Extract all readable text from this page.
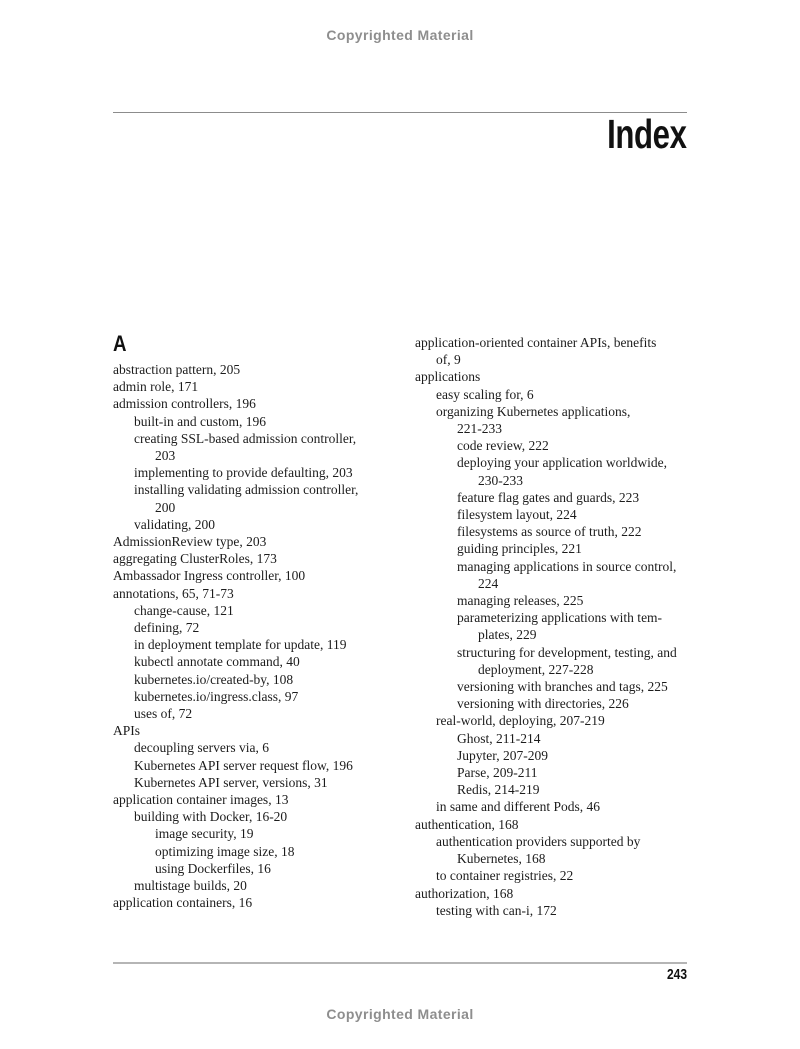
Copyrighted Material
Index
A
abstraction pattern, 205
admin role, 171
admission controllers, 196
built-in and custom, 196
creating SSL-based admission controller,
203
implementing to provide defaulting, 203
installing validating admission controller,
200
validating, 200
AdmissionReview type, 203
aggregating ClusterRoles, 173
Ambassador Ingress controller, 100
annotations, 65, 71-73
change-cause, 121
defining, 72
in deployment template for update, 119
kubectl annotate command, 40
kubernetes.io/created-by, 108
kubernetes.io/ingress.class, 97
uses of, 72
APIs
decoupling servers via, 6
Kubernetes API server request flow, 196
Kubernetes API server, versions, 31
application container images, 13
building with Docker, 16-20
image security, 19
optimizing image size, 18
using Dockerfiles, 16
multistage builds, 20
application containers, 16
application-oriented container APIs, benefits
of, 9
applications
easy scaling for, 6
organizing Kubernetes applications,
221-233
code review, 222
deploying your application worldwide,
230-233
feature flag gates and guards, 223
filesystem layout, 224
filesystems as source of truth, 222
guiding principles, 221
managing applications in source control,
224
managing releases, 225
parameterizing applications with tem-
plates, 229
structuring for development, testing, and
deployment, 227-228
versioning with branches and tags, 225
versioning with directories, 226
real-world, deploying, 207-219
Ghost, 211-214
Jupyter, 207-209
Parse, 209-211
Redis, 214-219
in same and different Pods, 46
authentication, 168
authentication providers supported by
Kubernetes, 168
to container registries, 22
authorization, 168
testing with can-i, 172
243
Copyrighted Material
